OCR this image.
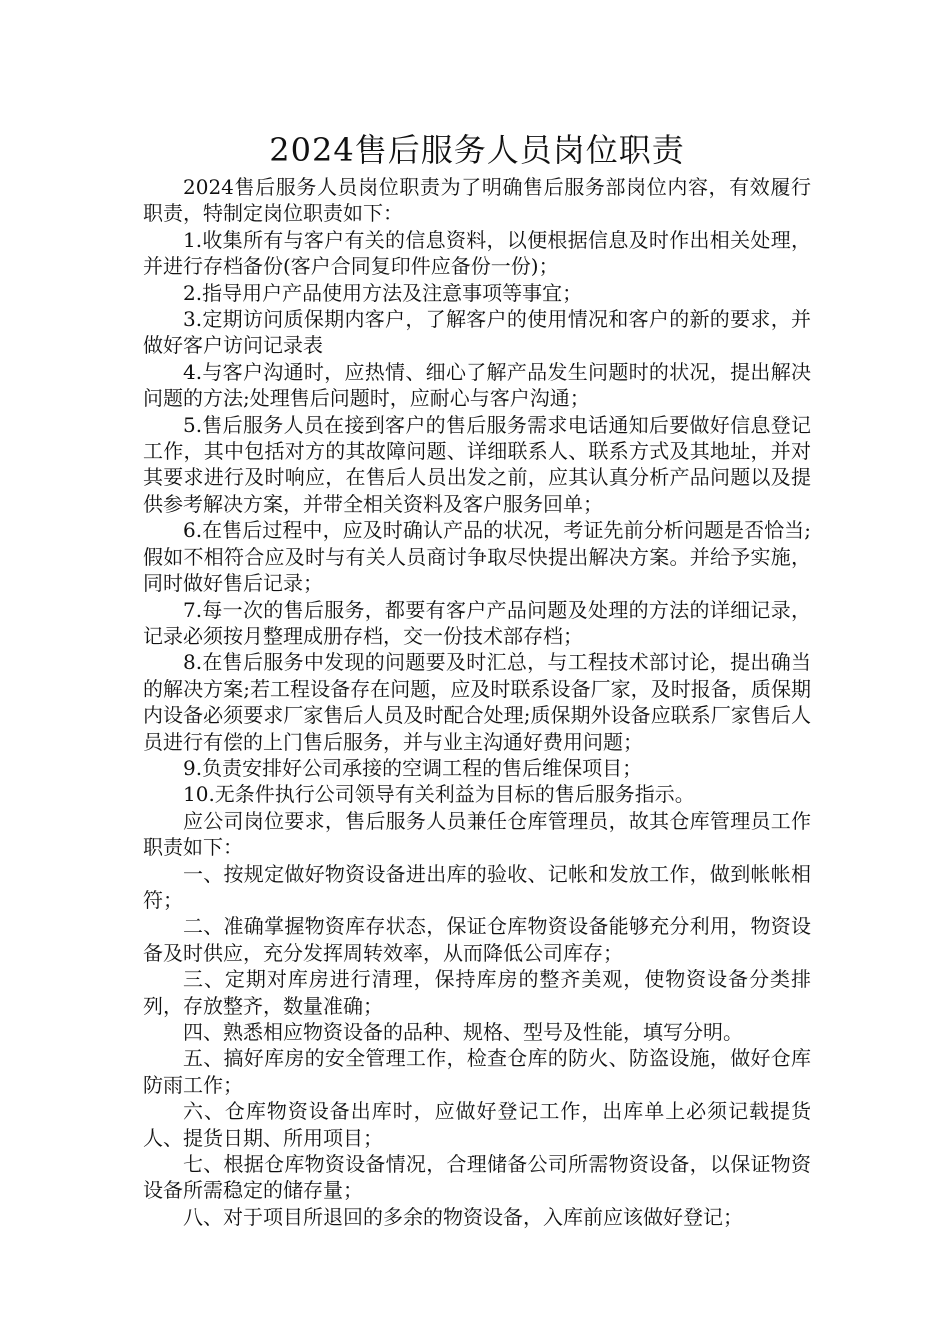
2024售后服务人员岗位职责

2024售后服务人员岗位职责为了明确售后服务部岗位内容，有效履行职责，特制定岗位职责如下：

1.收集所有与客户有关的信息资料，以便根据信息及时作出相关处理，并进行存档备份(客户合同复印件应备份一份)；

2.指导用户产品使用方法及注意事项等事宜；

3.定期访问质保期内客户，了解客户的使用情况和客户的新的要求，并做好客户访问记录表

4.与客户沟通时，应热情、细心了解产品发生问题时的状况，提出解决问题的方法;处理售后问题时，应耐心与客户沟通；

5.售后服务人员在接到客户的售后服务需求电话通知后要做好信息登记工作，其中包括对方的其故障问题、详细联系人、联系方式及其地址，并对其要求进行及时响应，在售后人员出发之前，应其认真分析产品问题以及提供参考解决方案，并带全相关资料及客户服务回单；

6.在售后过程中，应及时确认产品的状况，考证先前分析问题是否恰当;假如不相符合应及时与有关人员商讨争取尽快提出解决方案。并给予实施，同时做好售后记录；

7.每一次的售后服务，都要有客户产品问题及处理的方法的详细记录，记录必须按月整理成册存档，交一份技术部存档；

8.在售后服务中发现的问题要及时汇总，与工程技术部讨论，提出确当的解决方案;若工程设备存在问题，应及时联系设备厂家，及时报备，质保期内设备必须要求厂家售后人员及时配合处理;质保期外设备应联系厂家售后人员进行有偿的上门售后服务，并与业主沟通好费用问题；

9.负责安排好公司承接的空调工程的售后维保项目；

10.无条件执行公司领导有关利益为目标的售后服务指示。

应公司岗位要求，售后服务人员兼任仓库管理员，故其仓库管理员工作职责如下：

一、按规定做好物资设备进出库的验收、记帐和发放工作，做到帐帐相符；

二、准确掌握物资库存状态，保证仓库物资设备能够充分利用，物资设备及时供应，充分发挥周转效率，从而降低公司库存；

三、定期对库房进行清理，保持库房的整齐美观，使物资设备分类排列，存放整齐，数量准确；

四、熟悉相应物资设备的品种、规格、型号及性能，填写分明。

五、搞好库房的安全管理工作，检查仓库的防火、防盗设施，做好仓库防雨工作；

六、仓库物资设备出库时，应做好登记工作，出库单上必须记载提货人、提货日期、所用项目；

七、根据仓库物资设备情况，合理储备公司所需物资设备，以保证物资设备所需稳定的储存量；

八、对于项目所退回的多余的物资设备，入库前应该做好登记；
